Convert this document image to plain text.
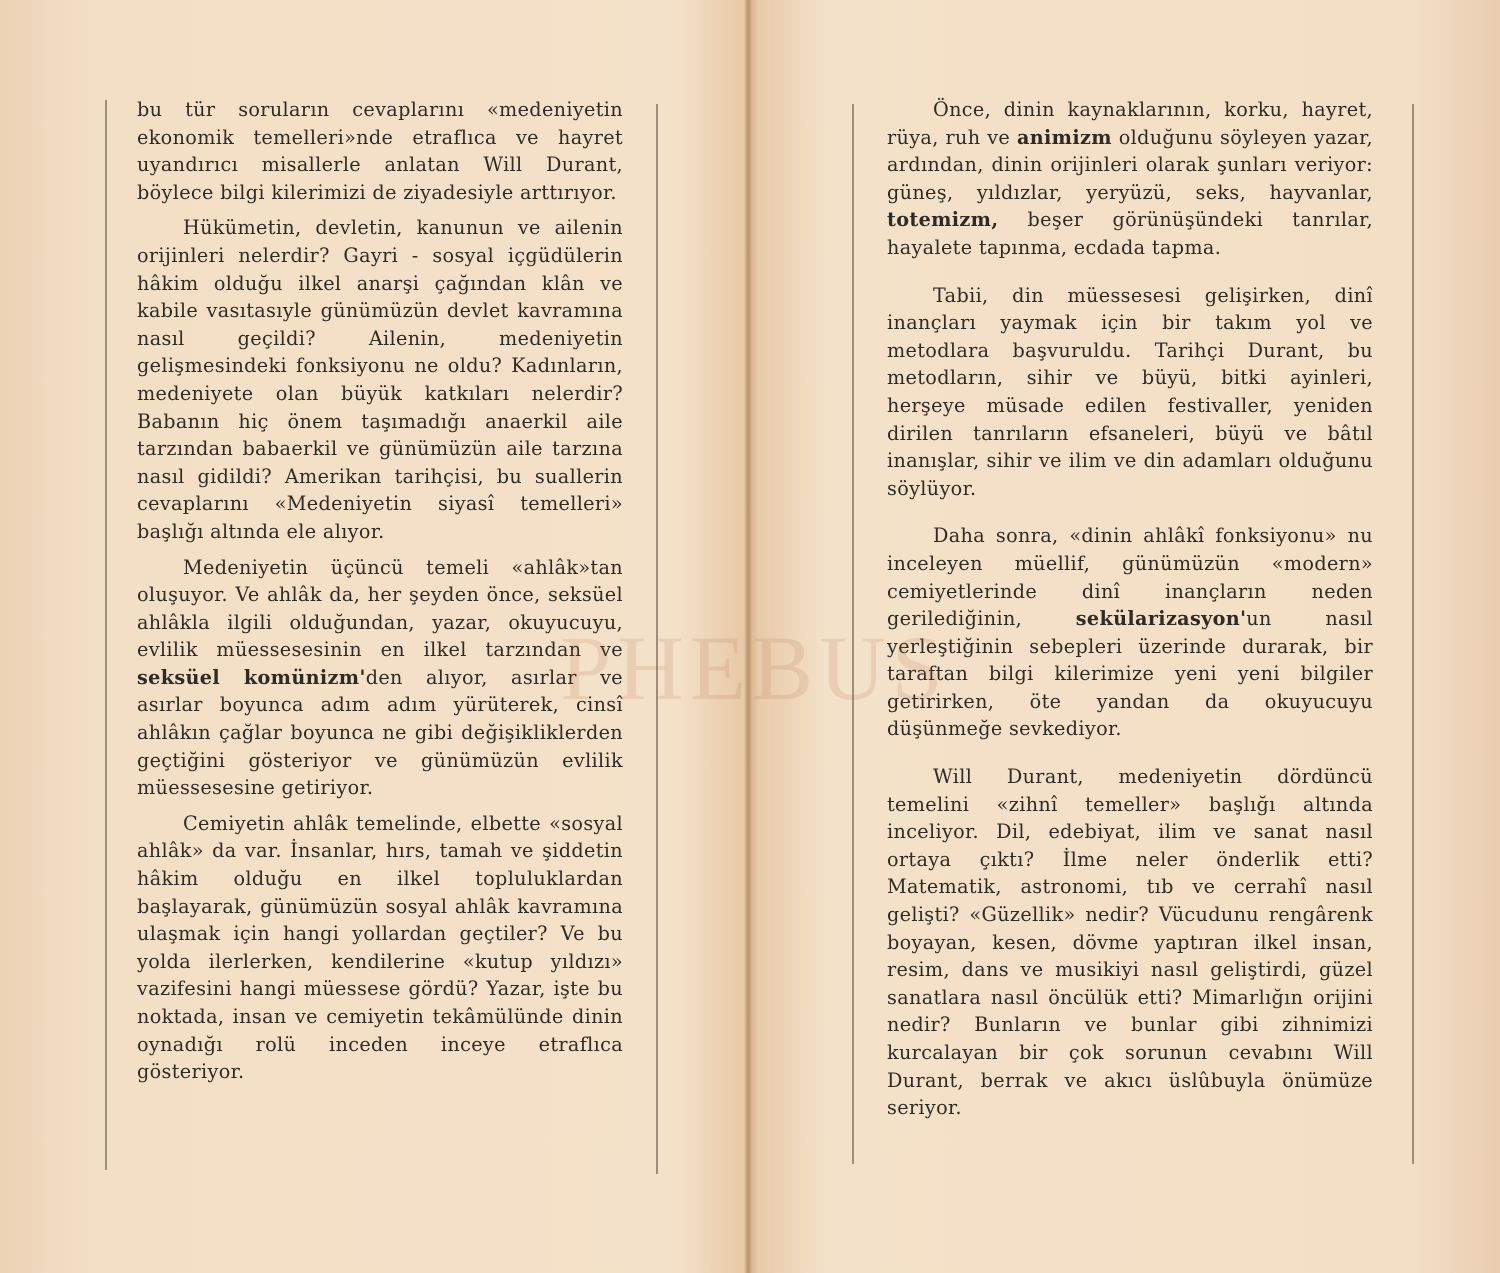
bu tür soruların cevaplarını «medeniyetin ekonomik temelleri»nde etraflıca ve hayret uyandırıcı misallerle anlatan Will Durant, böylece bilgi kilerimizi de ziyadesiyle arttırıyor.

Hükümetin, devletin, kanunun ve ailenin orijinleri nelerdir? Gayri - sosyal içgüdülerin hâkim olduğu ilkel anarşi çağından klân ve kabile vasıtasıyle günümüzün devlet kavramına nasıl geçildi? Ailenin, medeniyetin gelişmesindeki fonksiyonu ne oldu? Kadınların, medeniyete olan büyük katkıları nelerdir? Babanın hiç önem taşımadığı anaerkil aile tarzından babaerkil ve günümüzün aile tarzına nasıl gidildi? Amerikan tarihçisi, bu suallerin cevaplarını «Medeniyetin siyasî temelleri» başlığı altında ele alıyor.

Medeniyetin üçüncü temeli «ahlâk»tan oluşuyor. Ve ahlâk da, her şeyden önce, seksüel ahlâkla ilgili olduğundan, yazar, okuyucuyu, evlilik müessesesinin en ilkel tarzından ve seksüel komünizm'den alıyor, asırlar ve asırlar boyunca adım adım yürüterek, cinsî ahlâkın çağlar boyunca ne gibi değişikliklerden geçtiğini gösteriyor ve günümüzün evlilik müessesesine getiriyor.

Cemiyetin ahlâk temelinde, elbette «sosyal ahlâk» da var. İnsanlar, hırs, tamah ve şiddetin hâkim olduğu en ilkel topluluklardan başlayarak, günümüzün sosyal ahlâk kavramına ulaşmak için hangi yollardan geçtiler? Ve bu yolda ilerlerken, kendilerine «kutup yıldızı» vazifesini hangi müessese gördü? Yazar, işte bu noktada, insan ve cemiyetin tekâmülünde dinin oynadığı rolü inceden inceye etraflıca gösteriyor.

Önce, dinin kaynaklarının, korku, hayret, rüya, ruh ve animizm olduğunu söyleyen yazar, ardından, dinin orijinleri olarak şunları veriyor: güneş, yıldızlar, yeryüzü, seks, hayvanlar, totemizm, beşer görünüşündeki tanrılar, hayalete tapınma, ecdada tapma.

Tabii, din müessesesi gelişirken, dinî inançları yaymak için bir takım yol ve metodlara başvuruldu. Tarihçi Durant, bu metodların, sihir ve büyü, bitki ayinleri, herşeye müsade edilen festivaller, yeniden dirilen tanrıların efsaneleri, büyü ve bâtıl inanışlar, sihir ve ilim ve din adamları olduğunu söylüyor.

Daha sonra, «dinin ahlâkî fonksiyonu» nu inceleyen müellif, günümüzün «modern» cemiyetlerinde dinî inançların neden gerilediğinin, sekülarizasyon'un nasıl yerleştiğinin sebepleri üzerinde durarak, bir taraftan bilgi kilerimize yeni yeni bilgiler getirirken, öte yandan da okuyucuyu düşünmeğe sevkediyor.

Will Durant, medeniyetin dördüncü temelini «zihnî temeller» başlığı altında inceliyor. Dil, edebiyat, ilim ve sanat nasıl ortaya çıktı? İlme neler önderlik etti? Matematik, astronomi, tıb ve cerrahî nasıl gelişti? «Güzellik» nedir? Vücudunu rengârenk boyayan, kesen, dövme yaptıran ilkel insan, resim, dans ve musikiyi nasıl geliştirdi, güzel sanatlara nasıl öncülük etti? Mimarlığın orijini nedir? Bunların ve bunlar gibi zihnimizi kurcalayan bir çok sorunun cevabını Will Durant, berrak ve akıcı üslûbuyla önümüze seriyor.

PHEBUS
